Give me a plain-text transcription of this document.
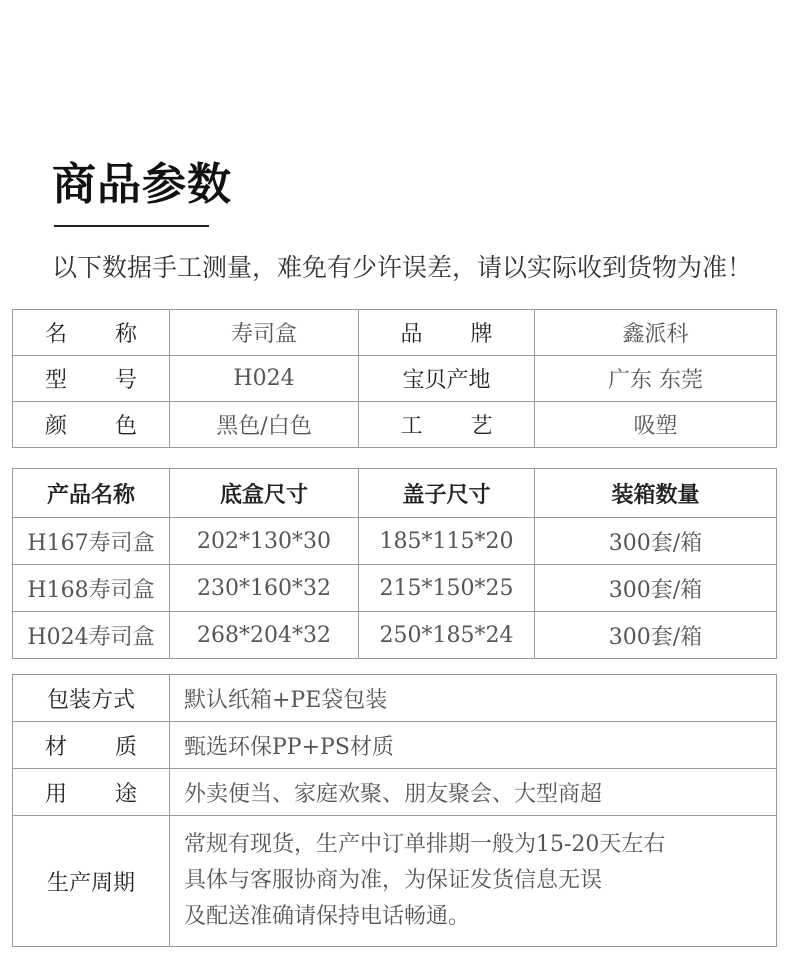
商品参数
以下数据手工测量，难免有少许误差，请以实际收到货物为准！
名 称	寿司盒	品 牌	鑫派科

型 号	H024	宝贝产地	广东 东莞

颜 色	黑色/白色	工 艺	吸塑
产品名称	底盒尺寸	盖子尺寸	装箱数量
H167寿司盒	202*130*30	185*115*20	300套/箱
H168寿司盒	230*160*32	215*150*25	300套/箱
H024寿司盒	268*204*32	250*185*24	300套/箱
包装方式	默认纸箱+PE袋包装

材 质	甄选环保PP+PS材质

用 途	外卖便当、家庭欢聚、朋友聚会、大型商超
生产周期	常规有现货，生产中订单排期一般为15-20天左右
具体与客服协商为准，为保证发货信息无误
及配送准确请保持电话畅通。
